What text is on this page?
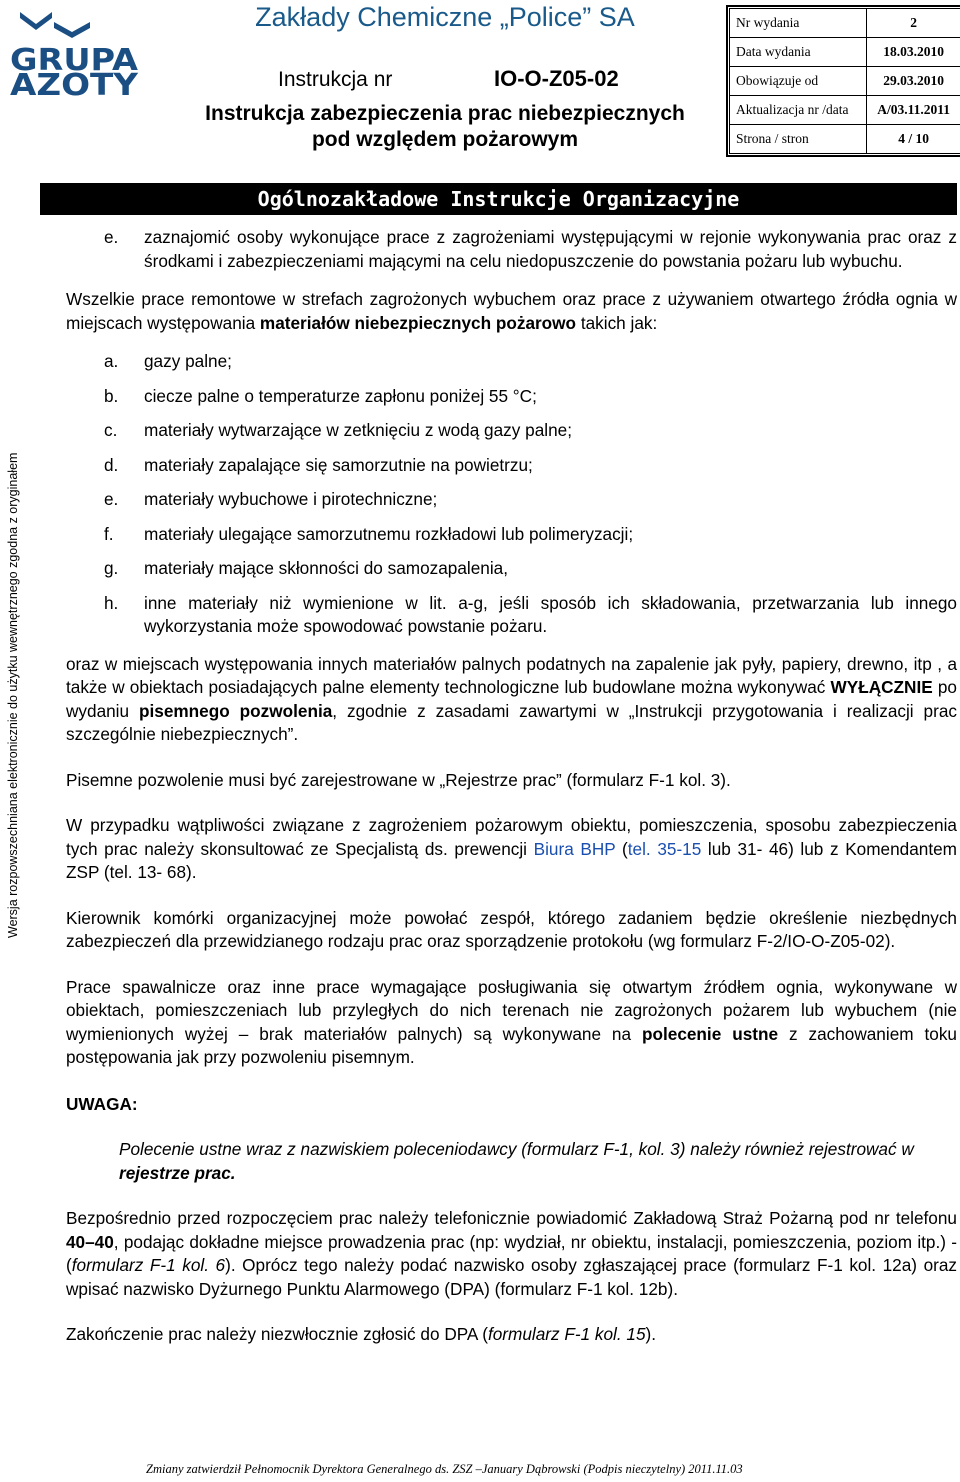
GRUPA
AZOTY
Zakłady Chemiczne „Police” SA
Instrukcja nr	IO-O-Z05-02
Instrukcja zabezpieczenia prac niebezpiecznych
pod względem pożarowym
Nr wydania	2
Data wydania	18.03.2010
Obowiązuje od	29.03.2010
Aktualizacja nr /data	A/03.11.2011
Strona / stron	4 / 10
Ogólnozakładowe Instrukcje Organizacyjne
Wersja rozpowszechniana elektronicznie do użytku wewnętrznego zgodna z oryginałem

e. zaznajomić osoby wykonujące prace z zagrożeniami występującymi w rejonie wykonywania prac oraz z środkami i zabezpieczeniami mającymi na celu niedopuszczenie do powstania pożaru lub wybuchu.

Wszelkie prace remontowe w strefach zagrożonych wybuchem oraz prace z używaniem otwartego źródła ognia w miejscach występowania materiałów niebezpiecznych pożarowo takich jak:

a. gazy palne;

b. ciecze palne o temperaturze zapłonu poniżej 55 °C;

c. materiały wytwarzające w zetknięciu z wodą gazy palne;

d. materiały zapalające się samorzutnie na powietrzu;

e. materiały wybuchowe i pirotechniczne;

f. materiały ulegające samorzutnemu rozkładowi lub polimeryzacji;

g. materiały mające skłonności do samozapalenia,

h. inne materiały niż wymienione w lit. a-g, jeśli sposób ich składowania, przetwarzania lub innego wykorzystania może spowodować powstanie pożaru.

oraz w miejscach występowania innych materiałów palnych podatnych na zapalenie jak pyły, papiery, drewno, itp , a także w obiektach posiadających palne elementy technologiczne lub budowlane można wykonywać WYŁĄCZNIE po wydaniu pisemnego pozwolenia, zgodnie z zasadami zawartymi w „Instrukcji przygotowania i realizacji prac szczególnie niebezpiecznych”.

Pisemne pozwolenie musi być zarejestrowane w „Rejestrze prac” (formularz F-1 kol. 3).

W przypadku wątpliwości związane z zagrożeniem pożarowym obiektu, pomieszczenia, sposobu zabezpieczenia tych prac należy skonsultować ze Specjalistą ds. prewencji Biura BHP (tel. 35-15 lub 31- 46) lub z Komendantem ZSP (tel. 13- 68).

Kierownik komórki organizacyjnej może powołać zespół, którego zadaniem będzie określenie niezbędnych zabezpieczeń dla przewidzianego rodzaju prac oraz sporządzenie protokołu (wg formularz F-2/IO-O-Z05-02).

Prace spawalnicze oraz inne prace wymagające posługiwania się otwartym źródłem ognia, wykonywane w obiektach, pomieszczeniach lub przyległych do nich terenach nie zagrożonych pożarem lub wybuchem (nie wymienionych wyżej – brak materiałów palnych) są wykonywane na polecenie ustne z zachowaniem toku postępowania jak przy pozwoleniu pisemnym.

UWAGA:

Polecenie ustne wraz z nazwiskiem poleceniodawcy (formularz F-1, kol. 3) należy również rejestrować w rejestrze prac.

Bezpośrednio przed rozpoczęciem prac należy telefonicznie powiadomić Zakładową Straż Pożarną pod nr telefonu 40–40, podając dokładne miejsce prowadzenia prac (np: wydział, nr obiektu, instalacji, pomieszczenia, poziom itp.) - (formularz F-1 kol. 6). Oprócz tego należy podać nazwisko osoby zgłaszającej prace (formularz F-1 kol. 12a) oraz wpisać nazwisko Dyżurnego Punktu Alarmowego (DPA) (formularz F-1 kol. 12b).

Zakończenie prac należy niezwłocznie zgłosić do DPA (formularz F-1 kol. 15).

Zmiany zatwierdził Pełnomocnik Dyrektora Generalnego ds. ZSZ –January Dąbrowski (Podpis nieczytelny) 2011.11.03
